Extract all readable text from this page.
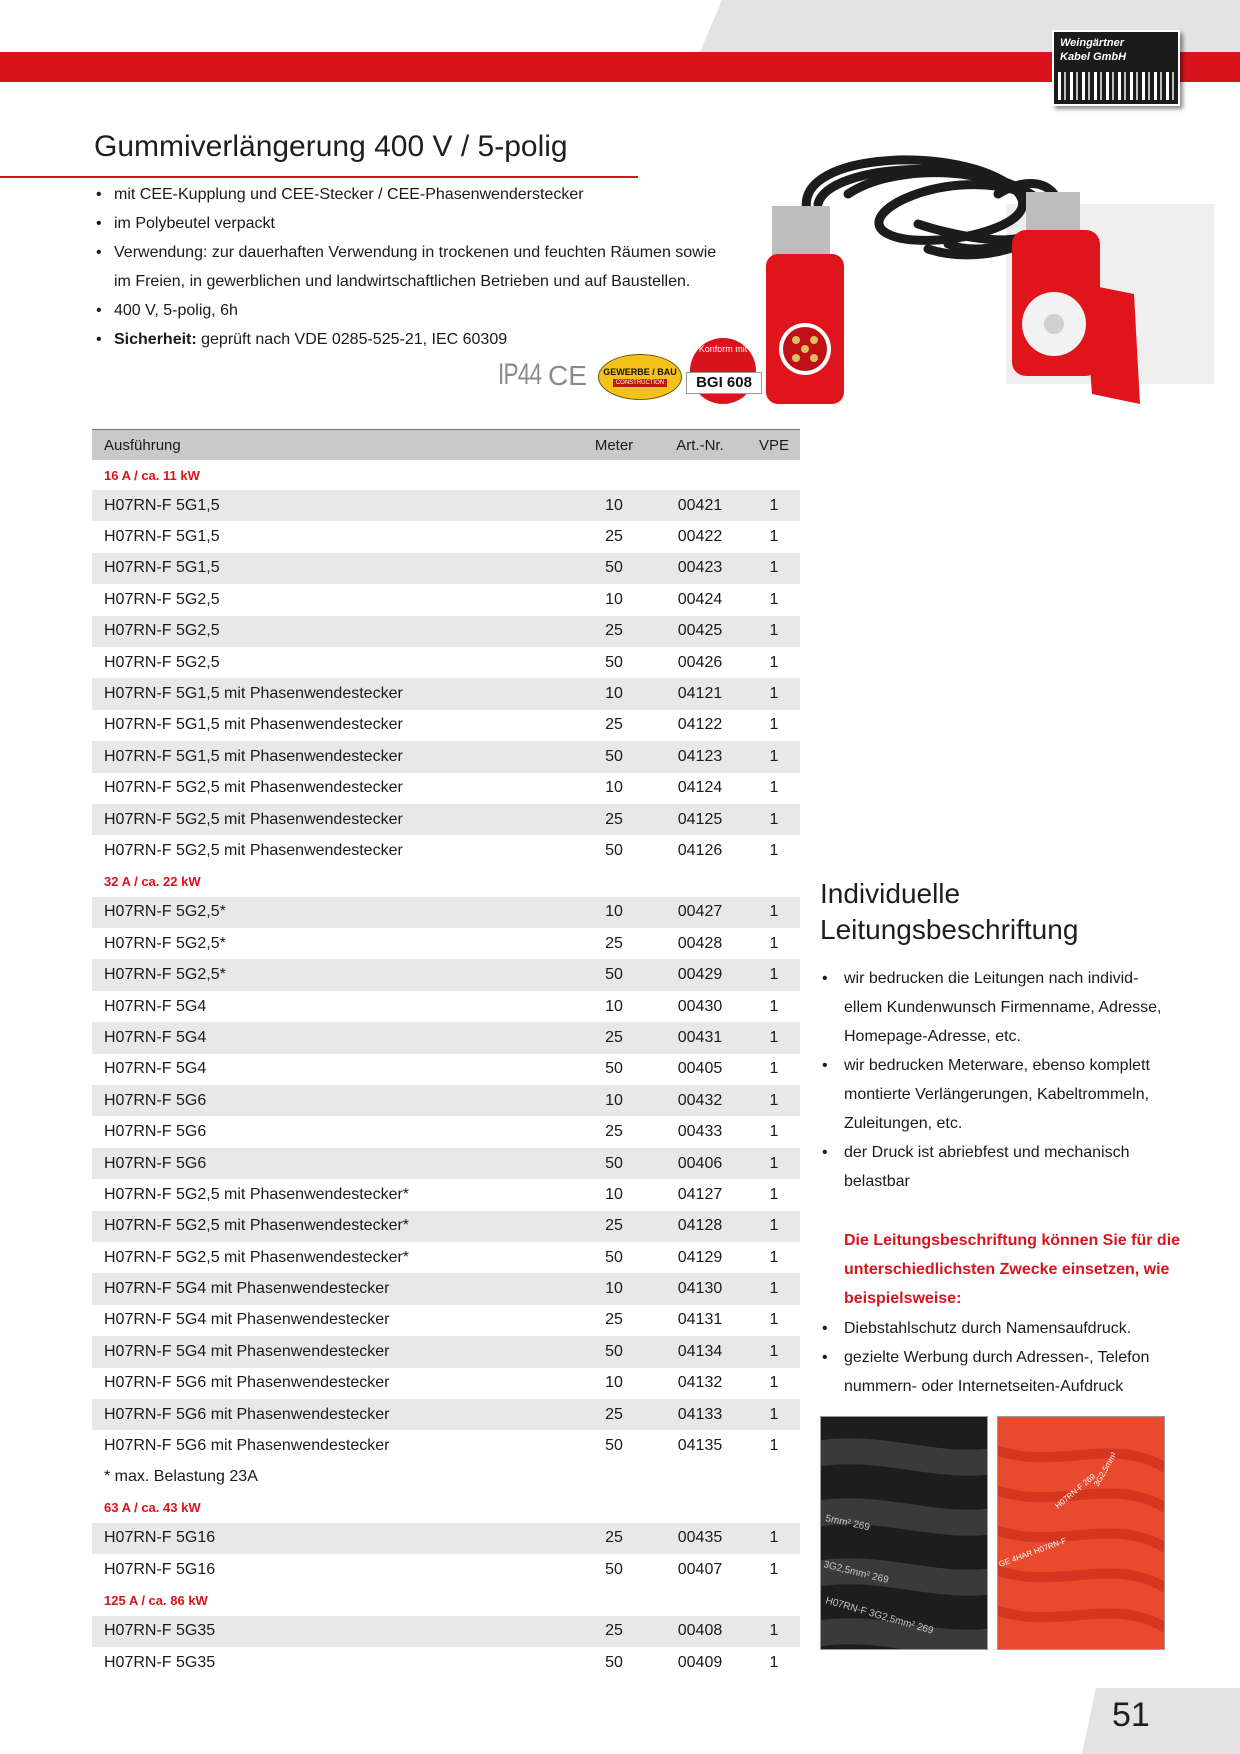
Weingärtner
Kabel GmbH
Gummiverlängerung 400 V / 5-polig
• mit CEE-Kupplung und CEE-Stecker / CEE-Phasenwenderstecker
• im Polybeutel verpackt
• Verwendung: zur dauerhaften Verwendung in trockenen und feuchten Räumen sowie im Freien, in gewerblichen und landwirtschaftlichen Betrieben und auf Baustellen.
• 400 V, 5-polig, 6h
• Sicherheit: geprüft nach VDE 0285-525-21, IEC 60309
IP44 CE	GEWERBE / BAU
CONSTRUCTION
Konform mit
BGI 608
Ausführung	Meter	Art.-Nr.	VPE
16 A / ca. 11 kW
H07RN-F 5G1,5	10	00421	1
H07RN-F 5G1,5	25	00422	1
H07RN-F 5G1,5	50	00423	1
H07RN-F 5G2,5	10	00424	1
H07RN-F 5G2,5	25	00425	1
H07RN-F 5G2,5	50	00426	1
H07RN-F 5G1,5 mit Phasenwendestecker	10	04121	1
H07RN-F 5G1,5 mit Phasenwendestecker	25	04122	1
H07RN-F 5G1,5 mit Phasenwendestecker	50	04123	1
H07RN-F 5G2,5 mit Phasenwendestecker	10	04124	1
H07RN-F 5G2,5 mit Phasenwendestecker	25	04125	1
H07RN-F 5G2,5 mit Phasenwendestecker	50	04126	1
32 A / ca. 22 kW
H07RN-F 5G2,5*	10	00427	1
H07RN-F 5G2,5*	25	00428	1
H07RN-F 5G2,5*	50	00429	1
H07RN-F 5G4	10	00430	1
H07RN-F 5G4	25	00431	1
H07RN-F 5G4	50	00405	1
H07RN-F 5G6	10	00432	1
H07RN-F 5G6	25	00433	1
H07RN-F 5G6	50	00406	1
H07RN-F 5G2,5 mit Phasenwendestecker*	10	04127	1
H07RN-F 5G2,5 mit Phasenwendestecker*	25	04128	1
H07RN-F 5G2,5 mit Phasenwendestecker*	50	04129	1
H07RN-F 5G4 mit Phasenwendestecker	10	04130	1
H07RN-F 5G4 mit Phasenwendestecker	25	04131	1
H07RN-F 5G4 mit Phasenwendestecker	50	04134	1
H07RN-F 5G6 mit Phasenwendestecker	10	04132	1
H07RN-F 5G6 mit Phasenwendestecker	25	04133	1
H07RN-F 5G6 mit Phasenwendestecker	50	04135	1
* max. Belastung 23A
63 A / ca. 43 kW
H07RN-F 5G16	25	00435	1
H07RN-F 5G16	50	00407	1
125 A / ca. 86 kW
H07RN-F 5G35	25	00408	1
H07RN-F 5G35	50	00409	1
Individuelle
Leitungsbeschriftung
• wir bedrucken die Leitungen nach individ-ellem Kundenwunsch Firmenname, Adresse, Homepage-Adresse, etc.
• wir bedrucken Meterware, ebenso komplett montierte Verlängerungen, Kabeltrommeln, Zuleitungen, etc.
• der Druck ist abriebfest und mechanisch belastbar

Die Leitungsbeschriftung können Sie für die unterschiedlichsten Zwecke einsetzen, wie beispielsweise:

• Diebstahlschutz durch Namensaufdruck.
• gezielte Werbung durch Adressen-, Telefon nummern- oder Internetseiten-Aufdruck
5mm² 269
3G2,5mm² 269
H07RN-F 3G2,5mm² 269
H07RN-F 269
GE 4HAR H07RN-F
3G2,5mm²
51
